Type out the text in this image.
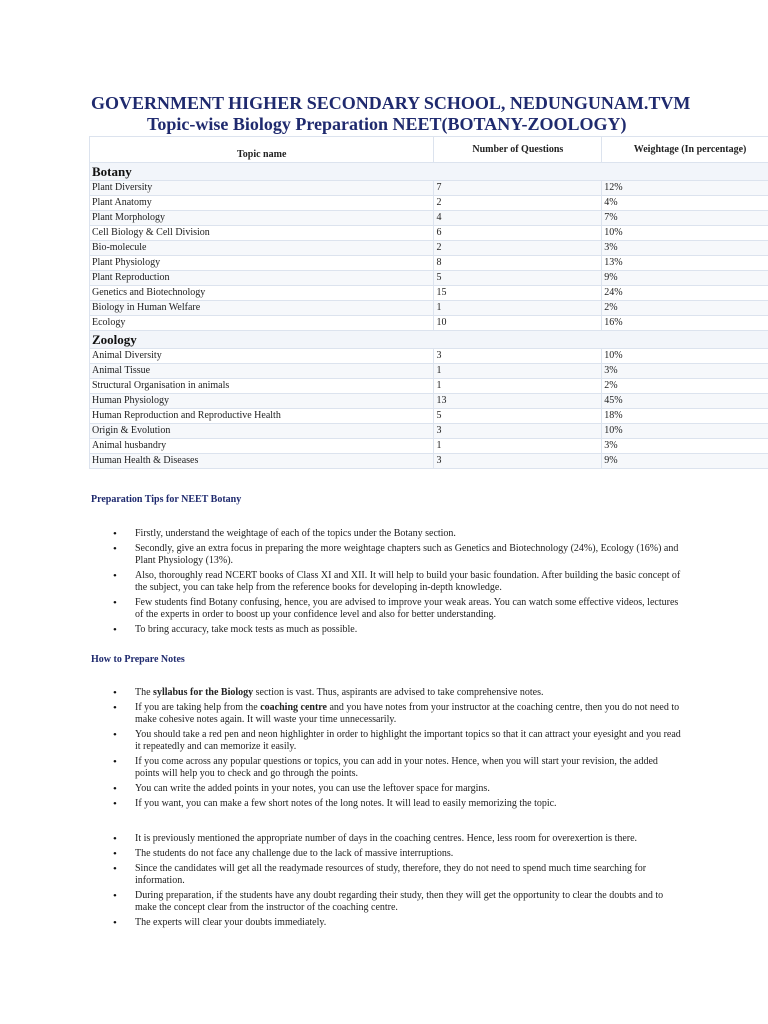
GOVERNMENT HIGHER SECONDARY SCHOOL, NEDUNGUNAM.TVM
Topic-wise Biology Preparation NEET(BOTANY-ZOOLOGY)
Topic name	Number of Questions	Weightage (In percentage)
Botany		
Plant Diversity	7	12%
Plant Anatomy	2	4%
Plant Morphology	4	7%
Cell Biology & Cell Division	6	10%
Bio-molecule	2	3%
Plant Physiology	8	13%
Plant Reproduction	5	9%
Genetics and Biotechnology	15	24%
Biology in Human Welfare	1	2%
Ecology	10	16%
Zoology		
Animal Diversity	3	10%
Animal Tissue	1	3%
Structural Organisation in animals	1	2%
Human Physiology	13	45%
Human Reproduction and Reproductive Health	5	18%
Origin & Evolution	3	10%
Animal husbandry	1	3%
Human Health & Diseases	3	9%
Preparation Tips for NEET Botany
• Firstly, understand the weightage of each of the topics under the Botany section.
• Secondly, give an extra focus in preparing the more weightage chapters such as Genetics and Biotechnology (24%), Ecology (16%) and Plant Physiology (13%).
• Also, thoroughly read NCERT books of Class XI and XII. It will help to build your basic foundation. After building the basic concept of the subject, you can take help from the reference books for developing in-depth knowledge.
• Few students find Botany confusing, hence, you are advised to improve your weak areas. You can watch some effective videos, lectures of the experts in order to boost up your confidence level and also for better understanding.
• To bring accuracy, take mock tests as much as possible.
How to Prepare Notes
• The syllabus for the Biology section is vast. Thus, aspirants are advised to take comprehensive notes.
• If you are taking help from the coaching centre and you have notes from your instructor at the coaching centre, then you do not need to make cohesive notes again. It will waste your time unnecessarily.
• You should take a red pen and neon highlighter in order to highlight the important topics so that it can attract your eyesight and you read it repeatedly and can memorize it easily.
• If you come across any popular questions or topics, you can add in your notes. Hence, when you will start your revision, the added points will help you to check and go through the points.
• You can write the added points in your notes, you can use the leftover space for margins.
• If you want, you can make a few short notes of the long notes. It will lead to easily memorizing the topic.
• It is previously mentioned the appropriate number of days in the coaching centres. Hence, less room for overexertion is there.
• The students do not face any challenge due to the lack of massive interruptions.
• Since the candidates will get all the readymade resources of study, therefore, they do not need to spend much time searching for information.
• During preparation, if the students have any doubt regarding their study, then they will get the opportunity to clear the doubts and to make the concept clear from the instructor of the coaching centre.
• The experts will clear your doubts immediately.
